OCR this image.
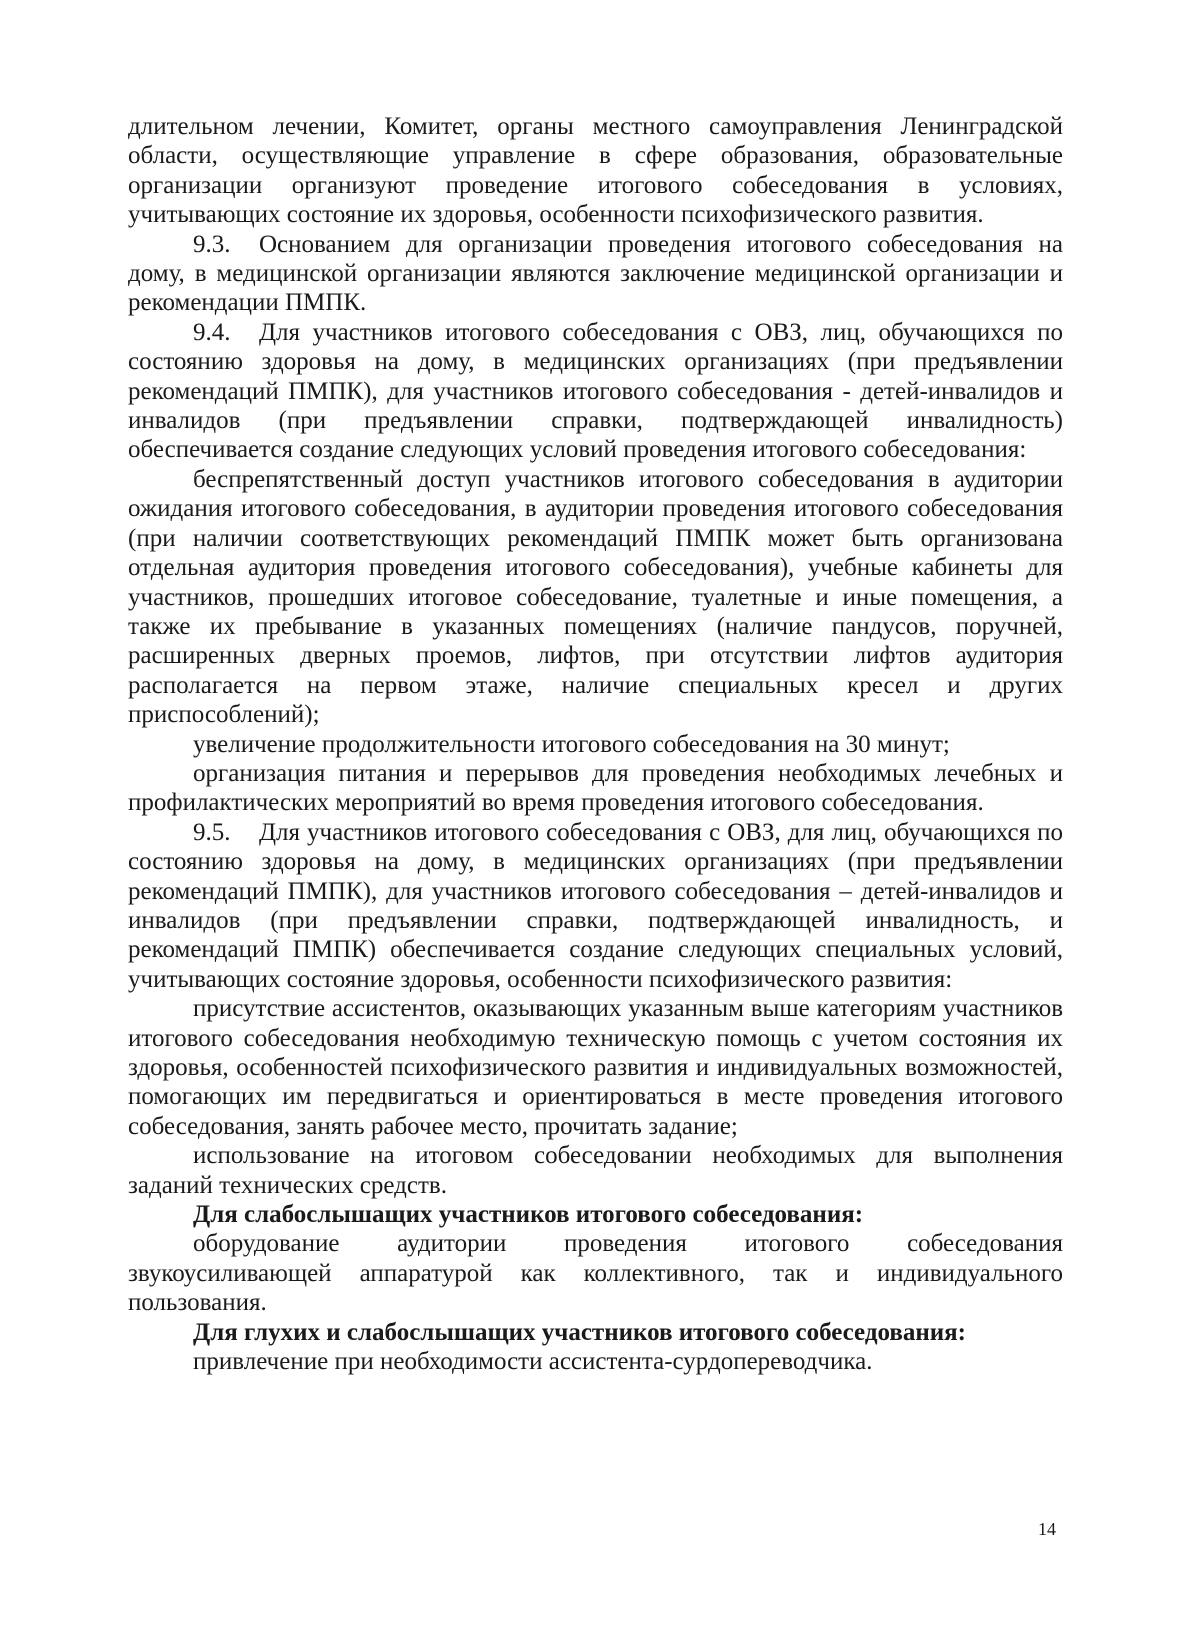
длительном лечении, Комитет, органы местного самоуправления Ленинградской области, осуществляющие управление в сфере образования, образовательные организации организуют проведение итогового собеседования в условиях, учитывающих состояние их здоровья, особенности психофизического развития.

9.3. Основанием для организации проведения итогового собеседования на дому, в медицинской организации являются заключение медицинской организации и рекомендации ПМПК.

9.4. Для участников итогового собеседования с ОВЗ, лиц, обучающихся по состоянию здоровья на дому, в медицинских организациях (при предъявлении рекомендаций ПМПК), для участников итогового собеседования - детей-инвалидов и инвалидов (при предъявлении справки, подтверждающей инвалидность) обеспечивается создание следующих условий проведения итогового собеседования:

беспрепятственный доступ участников итогового собеседования в аудитории ожидания итогового собеседования, в аудитории проведения итогового собеседования (при наличии соответствующих рекомендаций ПМПК может быть организована отдельная аудитория проведения итогового собеседования), учебные кабинеты для участников, прошедших итоговое собеседование, туалетные и иные помещения, а также их пребывание в указанных помещениях (наличие пандусов, поручней, расширенных дверных проемов, лифтов, при отсутствии лифтов аудитория располагается на первом этаже, наличие специальных кресел и других приспособлений);

увеличение продолжительности итогового собеседования на 30 минут;

организация питания и перерывов для проведения необходимых лечебных и профилактических мероприятий во время проведения итогового собеседования.

9.5. Для участников итогового собеседования с ОВЗ, для лиц, обучающихся по состоянию здоровья на дому, в медицинских организациях (при предъявлении рекомендаций ПМПК), для участников итогового собеседования – детей-инвалидов и инвалидов (при предъявлении справки, подтверждающей инвалидность, и рекомендаций ПМПК) обеспечивается создание следующих специальных условий, учитывающих состояние здоровья, особенности психофизического развития:

присутствие ассистентов, оказывающих указанным выше категориям участников итогового собеседования необходимую техническую помощь с учетом состояния их здоровья, особенностей психофизического развития и индивидуальных возможностей, помогающих им передвигаться и ориентироваться в месте проведения итогового собеседования, занять рабочее место, прочитать задание;

использование на итоговом собеседовании необходимых для выполнения заданий технических средств.

Для слабослышащих участников итогового собеседования:

оборудование аудитории проведения итогового собеседования звукоусиливающей аппаратурой как коллективного, так и индивидуального пользования.

Для глухих и слабослышащих участников итогового собеседования:

привлечение при необходимости ассистента-сурдопереводчика.

14
